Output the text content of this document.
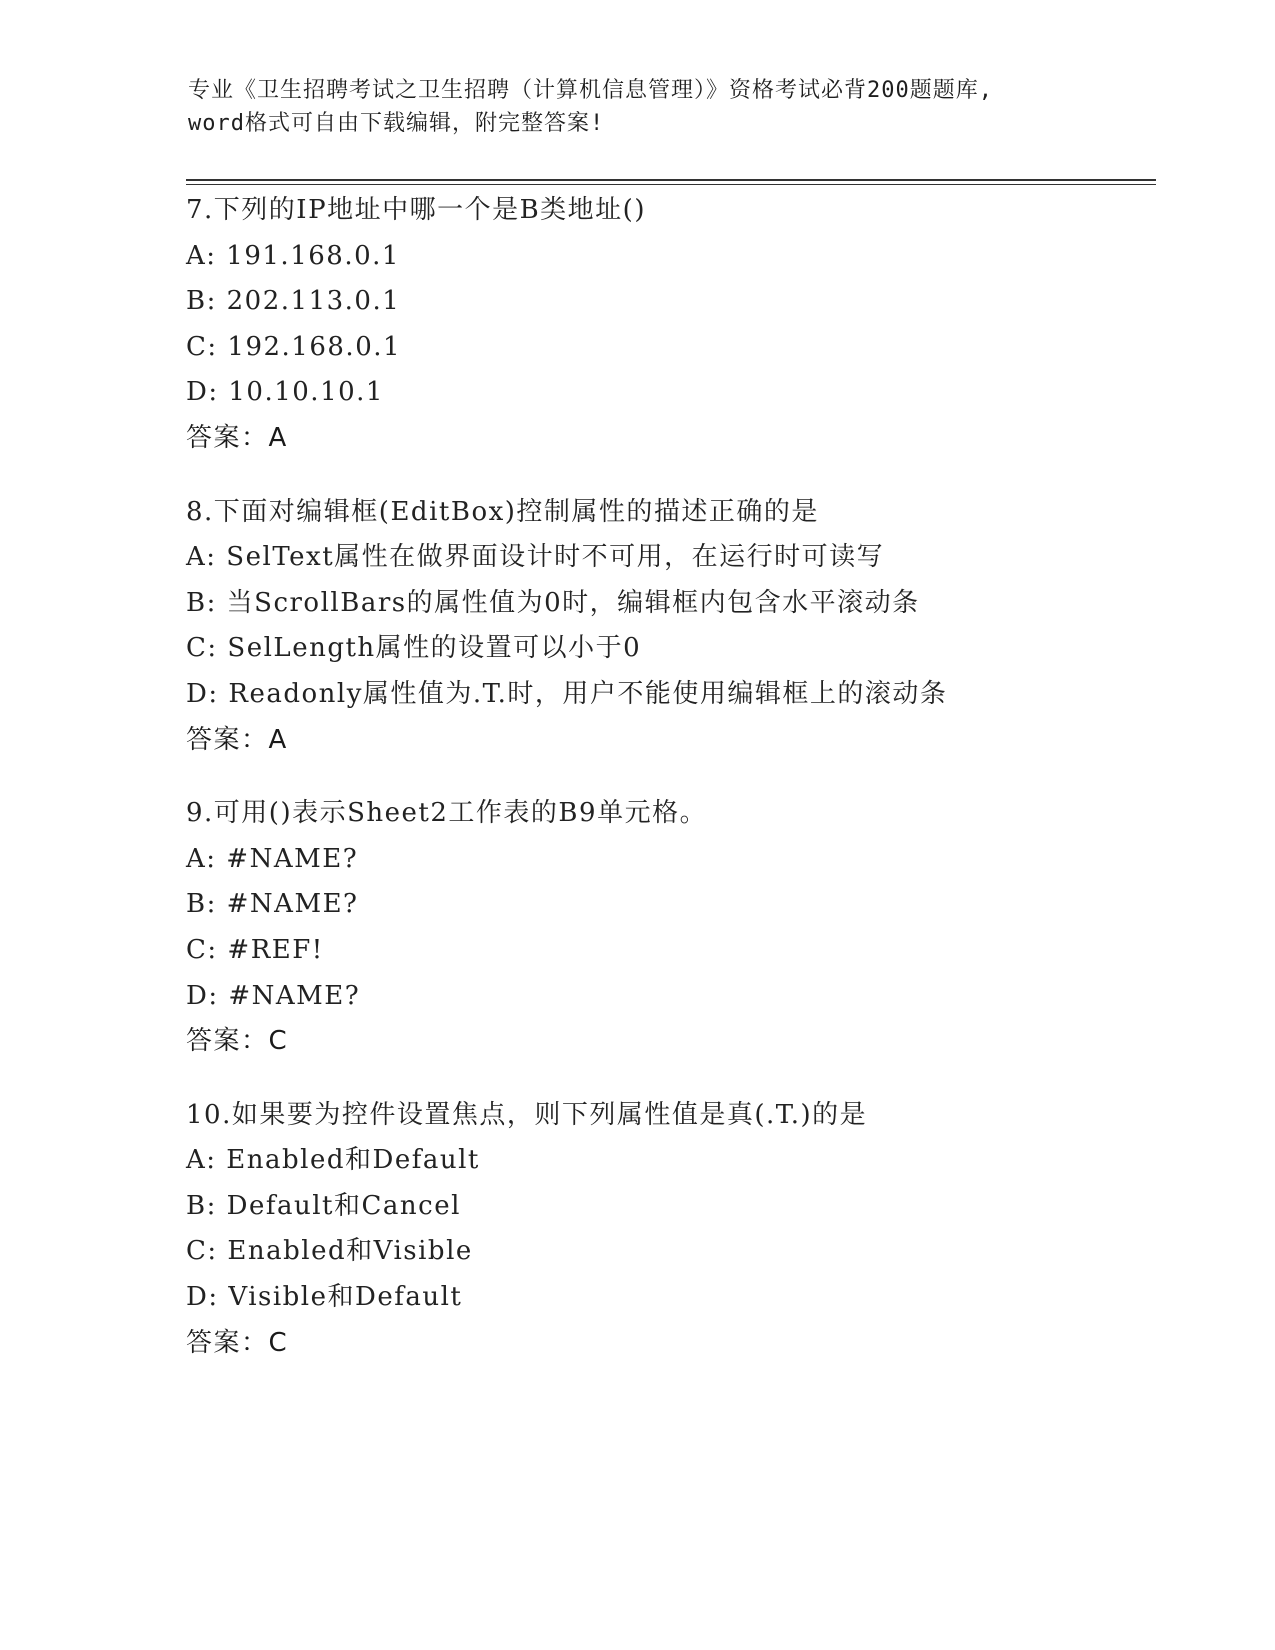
专业《卫生招聘考试之卫生招聘（计算机信息管理）》资格考试必背200题题库,
word格式可自由下载编辑，附完整答案!
7.下列的IP地址中哪一个是B类地址()
A: 191.168.0.1
B: 202.113.0.1
C: 192.168.0.1
D: 10.10.10.1
答案：A
8.下面对编辑框(EditBox)控制属性的描述正确的是
A: SelText属性在做界面设计时不可用，在运行时可读写
B: 当ScrollBars的属性值为0时，编辑框内包含水平滚动条
C: SelLength属性的设置可以小于0
D: Readonly属性值为.T.时，用户不能使用编辑框上的滚动条
答案：A
9.可用()表示Sheet2工作表的B9单元格。
A: #NAME?
B: #NAME?
C: #REF!
D: #NAME?
答案：C
10.如果要为控件设置焦点，则下列属性值是真(.T.)的是
A: Enabled和Default
B: Default和Cancel
C: Enabled和Visible
D: Visible和Default
答案：C
